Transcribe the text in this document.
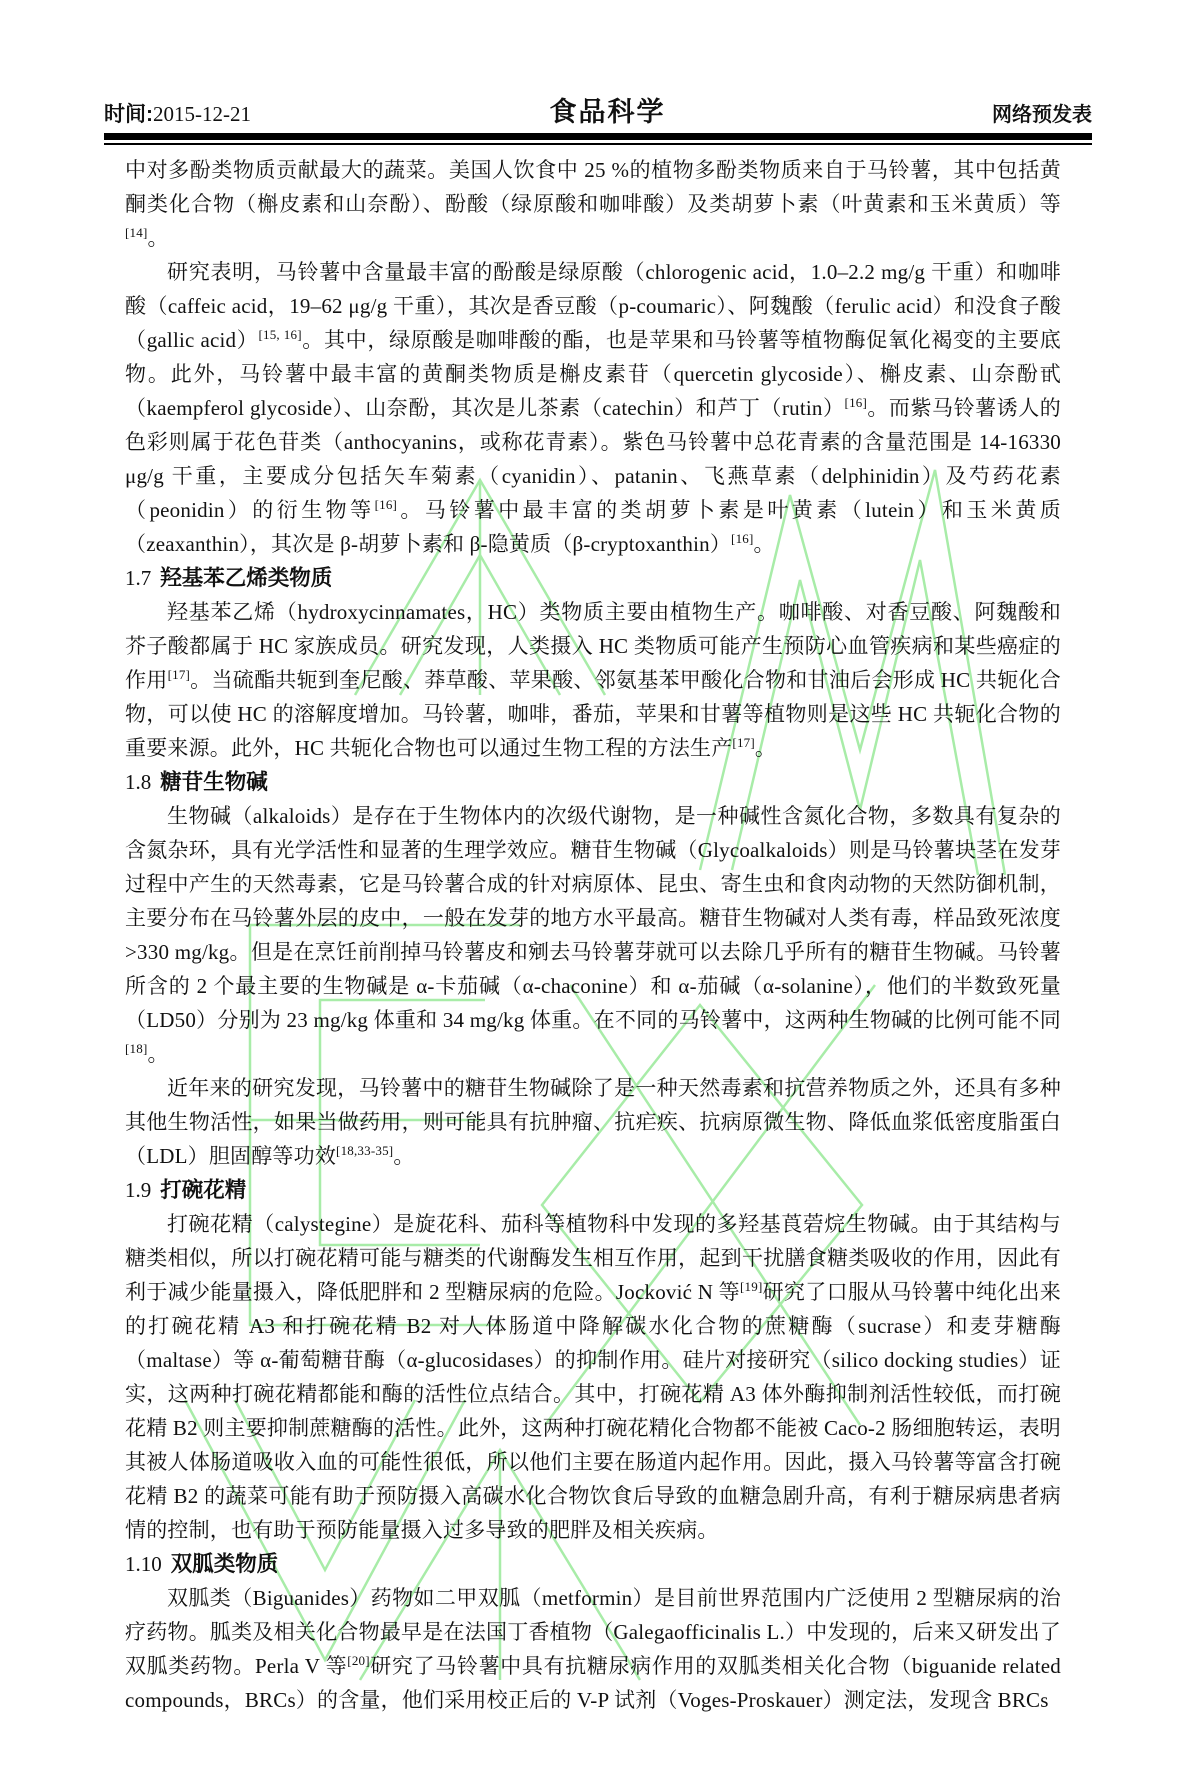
时间:2015-12-21	食品科学	网络预发表

中对多酚类物质贡献最大的蔬菜。美国人饮食中 25 %的植物多酚类物质来自于马铃薯，其中包括黄酮类化合物（槲皮素和山奈酚）、酚酸（绿原酸和咖啡酸）及类胡萝卜素（叶黄素和玉米黄质）等[14]。

研究表明，马铃薯中含量最丰富的酚酸是绿原酸（chlorogenic acid，1.0–2.2 mg/g 干重）和咖啡酸（caffeic acid，19–62 μg/g 干重），其次是香豆酸（p-coumaric）、阿魏酸（ferulic acid）和没食子酸（gallic acid）[15, 16]。其中，绿原酸是咖啡酸的酯，也是苹果和马铃薯等植物酶促氧化褐变的主要底物。此外，马铃薯中最丰富的黄酮类物质是槲皮素苷（quercetin glycoside）、槲皮素、山奈酚甙（kaempferol glycoside）、山奈酚，其次是儿茶素（catechin）和芦丁（rutin）[16]。而紫马铃薯诱人的色彩则属于花色苷类（anthocyanins，或称花青素）。紫色马铃薯中总花青素的含量范围是 14-16330 μg/g 干重，主要成分包括矢车菊素（cyanidin）、patanin、飞燕草素（delphinidin）及芍药花素（peonidin）的衍生物等[16]。马铃薯中最丰富的类胡萝卜素是叶黄素（lutein）和玉米黄质（zeaxanthin），其次是 β-胡萝卜素和 β-隐黄质（β-cryptoxanthin）[16]。

1.7 羟基苯乙烯类物质

羟基苯乙烯（hydroxycinnamates，HC）类物质主要由植物生产。咖啡酸、对香豆酸、阿魏酸和芥子酸都属于 HC 家族成员。研究发现，人类摄入 HC 类物质可能产生预防心血管疾病和某些癌症的作用[17]。当硫酯共轭到奎尼酸、莽草酸、苹果酸、邻氨基苯甲酸化合物和甘油后会形成 HC 共轭化合物，可以使 HC 的溶解度增加。马铃薯，咖啡，番茄，苹果和甘薯等植物则是这些 HC 共轭化合物的重要来源。此外，HC 共轭化合物也可以通过生物工程的方法生产[17]。

1.8 糖苷生物碱

生物碱（alkaloids）是存在于生物体内的次级代谢物，是一种碱性含氮化合物，多数具有复杂的含氮杂环，具有光学活性和显著的生理学效应。糖苷生物碱（Glycoalkaloids）则是马铃薯块茎在发芽过程中产生的天然毒素，它是马铃薯合成的针对病原体、昆虫、寄生虫和食肉动物的天然防御机制，主要分布在马铃薯外层的皮中，一般在发芽的地方水平最高。糖苷生物碱对人类有毒，样品致死浓度>330 mg/kg。但是在烹饪前削掉马铃薯皮和剜去马铃薯芽就可以去除几乎所有的糖苷生物碱。马铃薯所含的 2 个最主要的生物碱是 α-卡茄碱（α-chaconine）和 α-茄碱（α-solanine），他们的半数致死量（LD50）分别为 23 mg/kg 体重和 34 mg/kg 体重。在不同的马铃薯中，这两种生物碱的比例可能不同[18]。

近年来的研究发现，马铃薯中的糖苷生物碱除了是一种天然毒素和抗营养物质之外，还具有多种其他生物活性，如果当做药用，则可能具有抗肿瘤、抗疟疾、抗病原微生物、降低血浆低密度脂蛋白（LDL）胆固醇等功效[18,33-35]。

1.9 打碗花精

打碗花精（calystegine）是旋花科、茄科等植物科中发现的多羟基莨菪烷生物碱。由于其结构与糖类相似，所以打碗花精可能与糖类的代谢酶发生相互作用，起到干扰膳食糖类吸收的作用，因此有利于减少能量摄入，降低肥胖和 2 型糖尿病的危险。Jocković N 等[19]研究了口服从马铃薯中纯化出来的打碗花精 A3 和打碗花精 B2 对人体肠道中降解碳水化合物的蔗糖酶（sucrase）和麦芽糖酶（maltase）等 α-葡萄糖苷酶（α-glucosidases）的抑制作用。硅片对接研究（silico docking studies）证实，这两种打碗花精都能和酶的活性位点结合。其中，打碗花精 A3 体外酶抑制剂活性较低，而打碗花精 B2 则主要抑制蔗糖酶的活性。此外，这两种打碗花精化合物都不能被 Caco-2 肠细胞转运，表明其被人体肠道吸收入血的可能性很低，所以他们主要在肠道内起作用。因此，摄入马铃薯等富含打碗花精 B2 的蔬菜可能有助于预防摄入高碳水化合物饮食后导致的血糖急剧升高，有利于糖尿病患者病情的控制，也有助于预防能量摄入过多导致的肥胖及相关疾病。

1.10 双胍类物质

双胍类（Biguanides）药物如二甲双胍（metformin）是目前世界范围内广泛使用 2 型糖尿病的治疗药物。胍类及相关化合物最早是在法国丁香植物（Galegaofficinalis L.）中发现的，后来又研发出了双胍类药物。Perla V 等[20]研究了马铃薯中具有抗糖尿病作用的双胍类相关化合物（biguanide related compounds，BRCs）的含量，他们采用校正后的 V-P 试剂（Voges-Proskauer）测定法，发现含 BRCs
